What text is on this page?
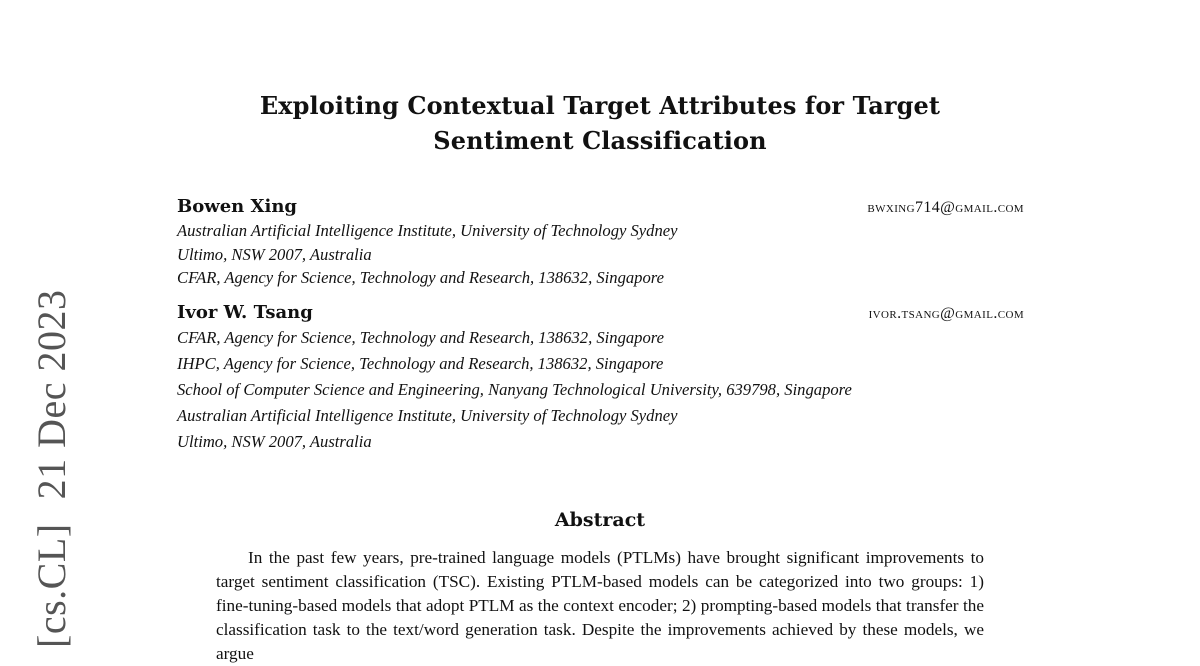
[cs.CL]21 Dec 2023
Exploiting Contextual Target Attributes for Target
Sentiment Classification
Bowen Xing	bwxing714@gmail.com
Australian Artificial Intelligence Institute, University of Technology Sydney
Ultimo, NSW 2007, Australia
CFAR, Agency for Science, Technology and Research, 138632, Singapore
Ivor W. Tsang	ivor.tsang@gmail.com
CFAR, Agency for Science, Technology and Research, 138632, Singapore
IHPC, Agency for Science, Technology and Research, 138632, Singapore
School of Computer Science and Engineering, Nanyang Technological University, 639798, Singapore
Australian Artificial Intelligence Institute, University of Technology Sydney
Ultimo, NSW 2007, Australia
Abstract
In the past few years, pre-trained language models (PTLMs) have brought significant improvements to target sentiment classification (TSC). Existing PTLM-based models can be categorized into two groups: 1) fine-tuning-based models that adopt PTLM as the context encoder; 2) prompting-based models that transfer the classification task to the text/word generation task. Despite the improvements achieved by these models, we argue
